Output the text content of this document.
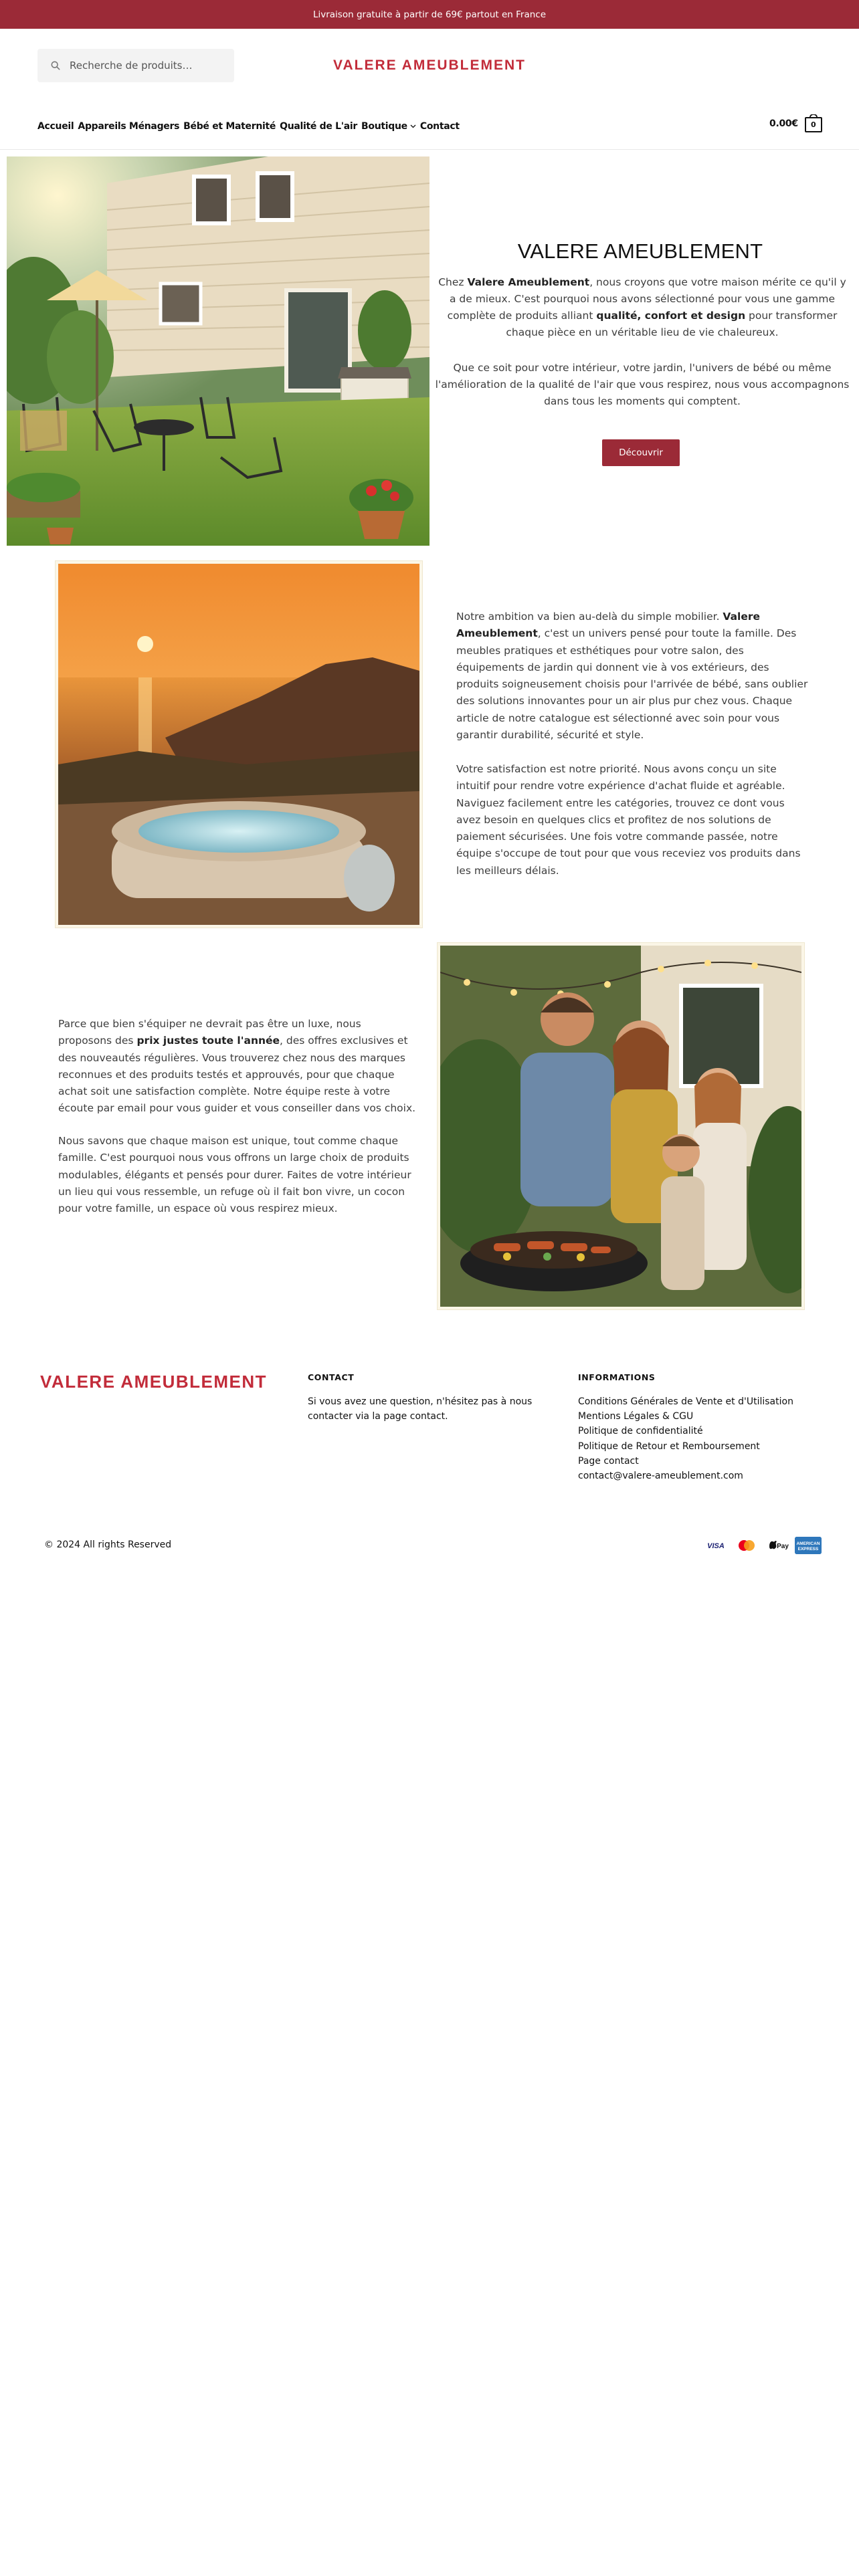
Livraison gratuite à partir de 69€ partout en France
Recherche de produits…
VALERE AMEUBLEMENT
Accueil Appareils Ménagers Bébé et Maternité Qualité de L'air Boutique Contact	0.00€	0
VALERE AMEUBLEMENT

Chez Valere Ameublement, nous croyons que votre maison mérite ce qu'il y a de mieux. C'est pourquoi nous avons sélectionné pour vous une gamme complète de produits alliant qualité, confort et design pour transformer chaque pièce en un véritable lieu de vie chaleureux.

Que ce soit pour votre intérieur, votre jardin, l'univers de bébé ou même l'amélioration de la qualité de l'air que vous respirez, nous vous accompagnons dans tous les moments qui comptent.

Découvrir

Notre ambition va bien au-delà du simple mobilier. Valere Ameublement, c'est un univers pensé pour toute la famille. Des meubles pratiques et esthétiques pour votre salon, des équipements de jardin qui donnent vie à vos extérieurs, des produits soigneusement choisis pour l'arrivée de bébé, sans oublier des solutions innovantes pour un air plus pur chez vous. Chaque article de notre catalogue est sélectionné avec soin pour vous garantir durabilité, sécurité et style.

Votre satisfaction est notre priorité. Nous avons conçu un site intuitif pour rendre votre expérience d'achat fluide et agréable. Naviguez facilement entre les catégories, trouvez ce dont vous avez besoin en quelques clics et profitez de nos solutions de paiement sécurisées. Une fois votre commande passée, notre équipe s'occupe de tout pour que vous receviez vos produits dans les meilleurs délais.

Parce que bien s'équiper ne devrait pas être un luxe, nous proposons des prix justes toute l'année, des offres exclusives et des nouveautés régulières. Vous trouverez chez nous des marques reconnues et des produits testés et approuvés, pour que chaque achat soit une satisfaction complète. Notre équipe reste à votre écoute par email pour vous guider et vous conseiller dans vos choix.

Nous savons que chaque maison est unique, tout comme chaque famille. C'est pourquoi nous vous offrons un large choix de produits modulables, élégants et pensés pour durer. Faites de votre intérieur un lieu qui vous ressemble, un refuge où il fait bon vivre, un cocon pour votre famille, un espace où vous respirez mieux.

VALERE AMEUBLEMENT	CONTACT

Si vous avez une question, n'hésitez pas à nous contacter via la page contact.

INFORMATIONS
Conditions Générales de Vente et d'Utilisation
Mentions Légales & CGU
Politique de confidentialité
Politique de Retour et Remboursement
Page contact
contact@valere-ameublement.com
© 2024 All rights Reserved	VISA	Pay AMERICAN
EXPRESS
